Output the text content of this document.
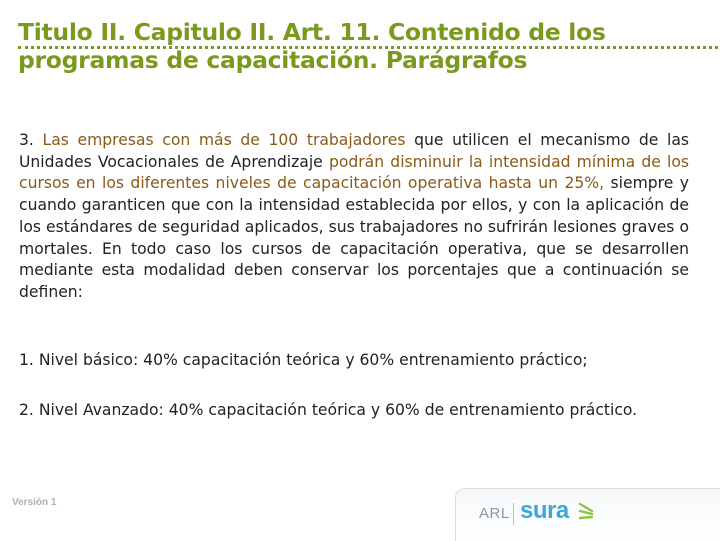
Titulo II. Capitulo II. Art. 11. Contenido de los programas de capacitación. Parágrafos

3. Las empresas con más de 100 trabajadores que utilicen el mecanismo de las Unidades Vocacionales de Aprendizaje podrán disminuir la intensidad mínima de los cursos en los diferentes niveles de capacitación operativa hasta un 25%, siempre y cuando garanticen que con la intensidad establecida por ellos, y con la aplicación de los estándares de seguridad aplicados, sus trabajadores no sufrirán lesiones graves o mortales. En todo caso los cursos de capacitación operativa, que se desarrollen mediante esta modalidad deben conservar los porcentajes que a continuación se definen:

1. Nivel básico: 40% capacitación teórica y 60% entrenamiento práctico;

2. Nivel Avanzado: 40% capacitación teórica y 60% de entrenamiento práctico.

Versión 1
ARL sura
